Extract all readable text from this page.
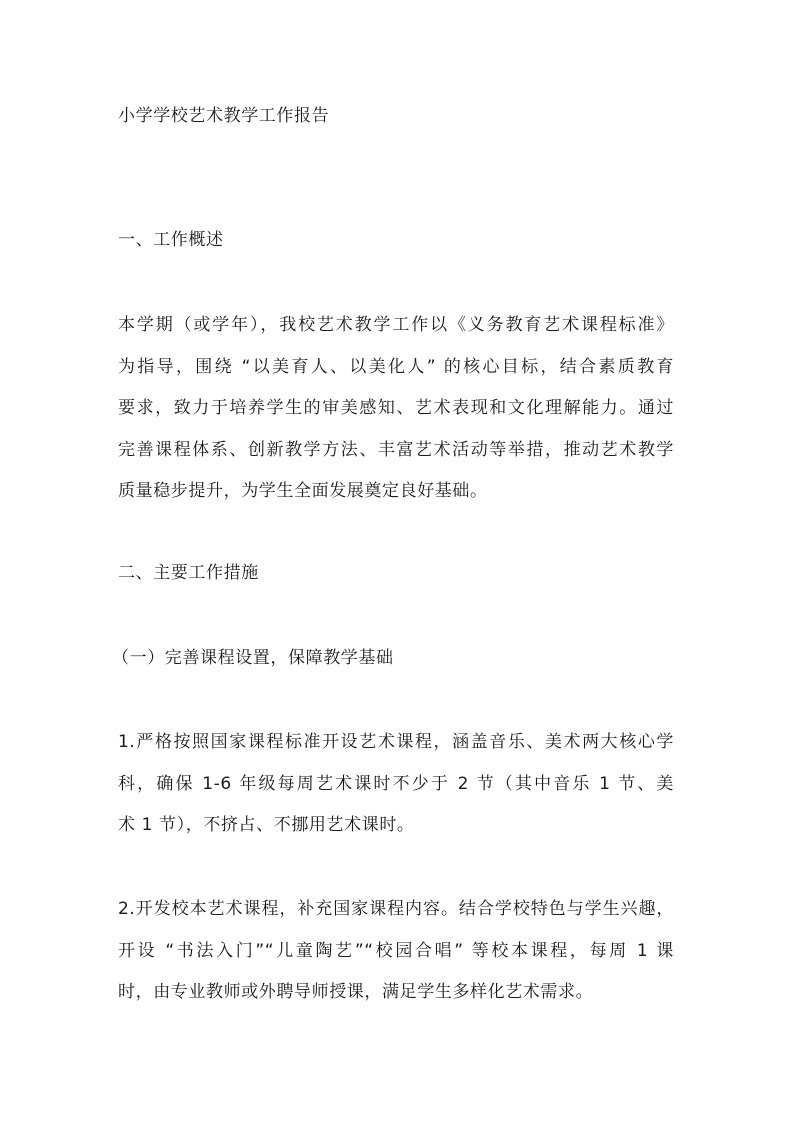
小学学校艺术教学工作报告
一、工作概述
本学期（或学年），我校艺术教学工作以《义务教育艺术课程标准》
为指导，围绕 “以美育人、以美化人” 的核心目标，结合素质教育
要求，致力于培养学生的审美感知、艺术表现和文化理解能力。通过
完善课程体系、创新教学方法、丰富艺术活动等举措，推动艺术教学
质量稳步提升，为学生全面发展奠定良好基础。
二、主要工作措施
（一）完善课程设置，保障教学基础
1.严格按照国家课程标准开设艺术课程，涵盖音乐、美术两大核心学
科，确保 1-6 年级每周艺术课时不少于 2 节（其中音乐 1 节、美
术 1 节），不挤占、不挪用艺术课时。
2.开发校本艺术课程，补充国家课程内容。结合学校特色与学生兴趣，
开设 “书法入门”“儿童陶艺”“校园合唱” 等校本课程，每周 1 课
时，由专业教师或外聘导师授课，满足学生多样化艺术需求。
